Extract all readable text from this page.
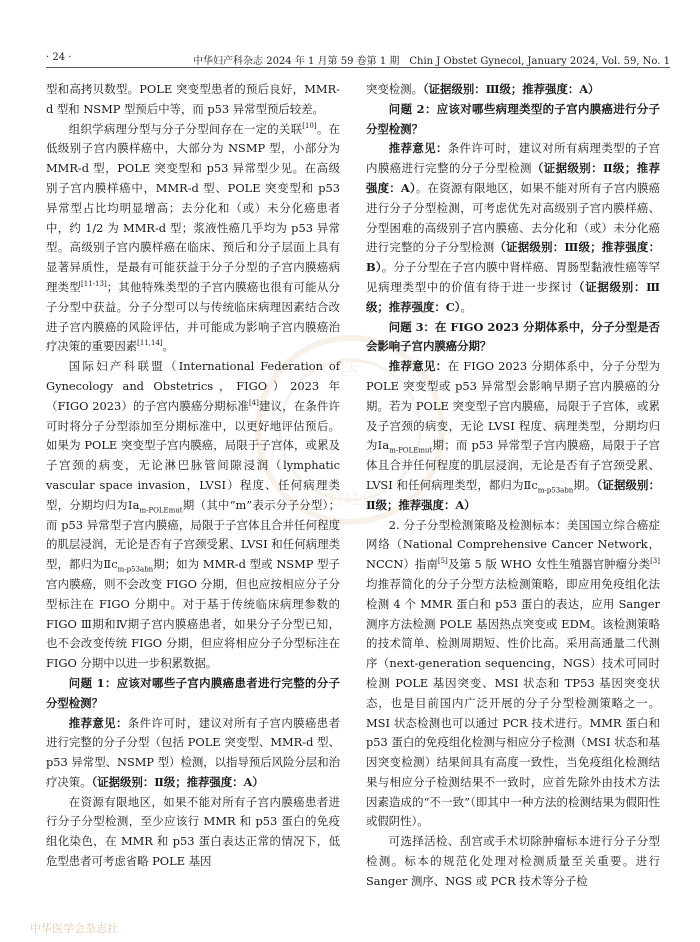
· 24 ·	中华妇产科杂志 2024 年 1 月第 59 卷第 1 期　Chin J Obstet Gynecol, January 2024, Vol. 59, No. 1

医
1915

型和高拷贝数型。POLE 突变型患者的预后良好，MMR-d 型和 NSMP 型预后中等，而 p53 异常型预后较差。

组织学病理分型与分子分型间存在一定的关联[10]。在低级别子宫内膜样癌中，大部分为 NSMP 型，小部分为 MMR-d 型，POLE 突变型和 p53 异常型少见。在高级别子宫内膜样癌中，MMR-d 型、POLE 突变型和 p53 异常型占比均明显增高；去分化和（或）未分化癌患者中，约 1/2 为 MMR-d 型；浆液性癌几乎均为 p53 异常型。高级别子宫内膜样癌在临床、预后和分子层面上具有显著异质性，是最有可能获益于分子分型的子宫内膜癌病理类型[11-13]；其他特殊类型的子宫内膜癌也很有可能从分子分型中获益。分子分型可以与传统临床病理因素结合改进子宫内膜癌的风险评估，并可能成为影响子宫内膜癌治疗决策的重要因素[11,14]。

国际妇产科联盟（International Federation of Gynecology and Obstetrics，FIGO）2023 年（FIGO 2023）的子宫内膜癌分期标准[4]建议，在条件许可时将分子分型添加至分期标准中，以更好地评估预后。如果为 POLE 突变型子宫内膜癌，局限于子宫体，或累及子宫颈的病变，无论淋巴脉管间隙浸润（lymphatic vascular space invasion，LVSI）程度、任何病理类型，分期均归为$Ⅰa_{m-POLEmut}$期（其中“m”表示分子分型）；而 p53 异常型子宫内膜癌，局限于子宫体且合并任何程度的肌层浸润，无论是否有子宫颈受累、LVSI 和任何病理类型，都归为$Ⅱc_{m-p53abn}$期；如为 MMR-d 型或 NSMP 型子宫内膜癌，则不会改变 FIGO 分期，但也应按相应分子分型标注在 FIGO 分期中。对于基于传统临床病理参数的 FIGO Ⅲ期和Ⅳ期子宫内膜癌患者，如果分子分型已知，也不会改变传统 FIGO 分期，但应将相应分子分型标注在 FIGO 分期中以进一步积累数据。

问题 1：应该对哪些子宫内膜癌患者进行完整的分子分型检测？

推荐意见：条件许可时，建议对所有子宫内膜癌患者进行完整的分子分型（包括 POLE 突变型、MMR-d 型、p53 异常型、NSMP 型）检测，以指导预后风险分层和治疗决策。（证据级别：Ⅱ级；推荐强度：A）

在资源有限地区，如果不能对所有子宫内膜癌患者进行分子分型检测，至少应该行 MMR 和 p53 蛋白的免疫组化染色，在 MMR 和 p53 蛋白表达正常的情况下，低危型患者可考虑省略 POLE 基因

突变检测。（证据级别：Ⅲ级；推荐强度：A）

问题 2：应该对哪些病理类型的子宫内膜癌进行分子分型检测？

推荐意见：条件许可时，建议对所有病理类型的子宫内膜癌进行完整的分子分型检测（证据级别：Ⅱ级；推荐强度：A）。在资源有限地区，如果不能对所有子宫内膜癌进行分子分型检测，可考虑优先对高级别子宫内膜样癌、分型困难的高级别子宫内膜癌、去分化和（或）未分化癌进行完整的分子分型检测（证据级别：Ⅲ级；推荐强度：B）。分子分型在子宫内膜中肾样癌、胃肠型黏液性癌等罕见病理类型中的价值有待于进一步探讨（证据级别：Ⅲ级；推荐强度：C）。

问题 3：在 FIGO 2023 分期体系中，分子分型是否会影响子宫内膜癌分期？

推荐意见：在 FIGO 2023 分期体系中，分子分型为 POLE 突变型或 p53 异常型会影响早期子宫内膜癌的分期。若为 POLE 突变型子宫内膜癌，局限于子宫体，或累及子宫颈的病变，无论 LVSI 程度、病理类型，分期均归为$Ⅰa_{m-POLEmut}$期；而 p53 异常型子宫内膜癌，局限于子宫体且合并任何程度的肌层浸润，无论是否有子宫颈受累、LVSI 和任何病理类型，都归为$Ⅱc_{m-p53abn}$期。（证据级别：Ⅱ级；推荐强度：A）

2. 分子分型检测策略及检测标本：美国国立综合癌症网络（National Comprehensive Cancer Network，NCCN）指南[5]及第 5 版 WHO 女性生殖器官肿瘤分类[3]均推荐简化的分子分型方法检测策略，即应用免疫组化法检测 4 个 MMR 蛋白和 p53 蛋白的表达，应用 Sanger 测序方法检测 POLE 基因热点突变或 EDM。该检测策略的技术简单、检测周期短、性价比高。采用高通量二代测序（next-generation sequencing，NGS）技术可同时检测 POLE 基因突变、MSI 状态和 TP53 基因突变状态，也是目前国内广泛开展的分子分型检测策略之一。MSI 状态检测也可以通过 PCR 技术进行。MMR 蛋白和 p53 蛋白的免疫组化检测与相应分子检测（MSI 状态和基因突变检测）结果间具有高度一致性，当免疫组化检测结果与相应分子检测结果不一致时，应首先除外由技术方法因素造成的“不一致”（即其中一种方法的检测结果为假阳性或假阴性）。

可选择活检、刮宫或手术切除肿瘤标本进行分子分型检测。标本的规范化处理对检测质量至关重要。进行 Sanger 测序、NGS 或 PCR 技术等分子检

中华医学会杂志社
